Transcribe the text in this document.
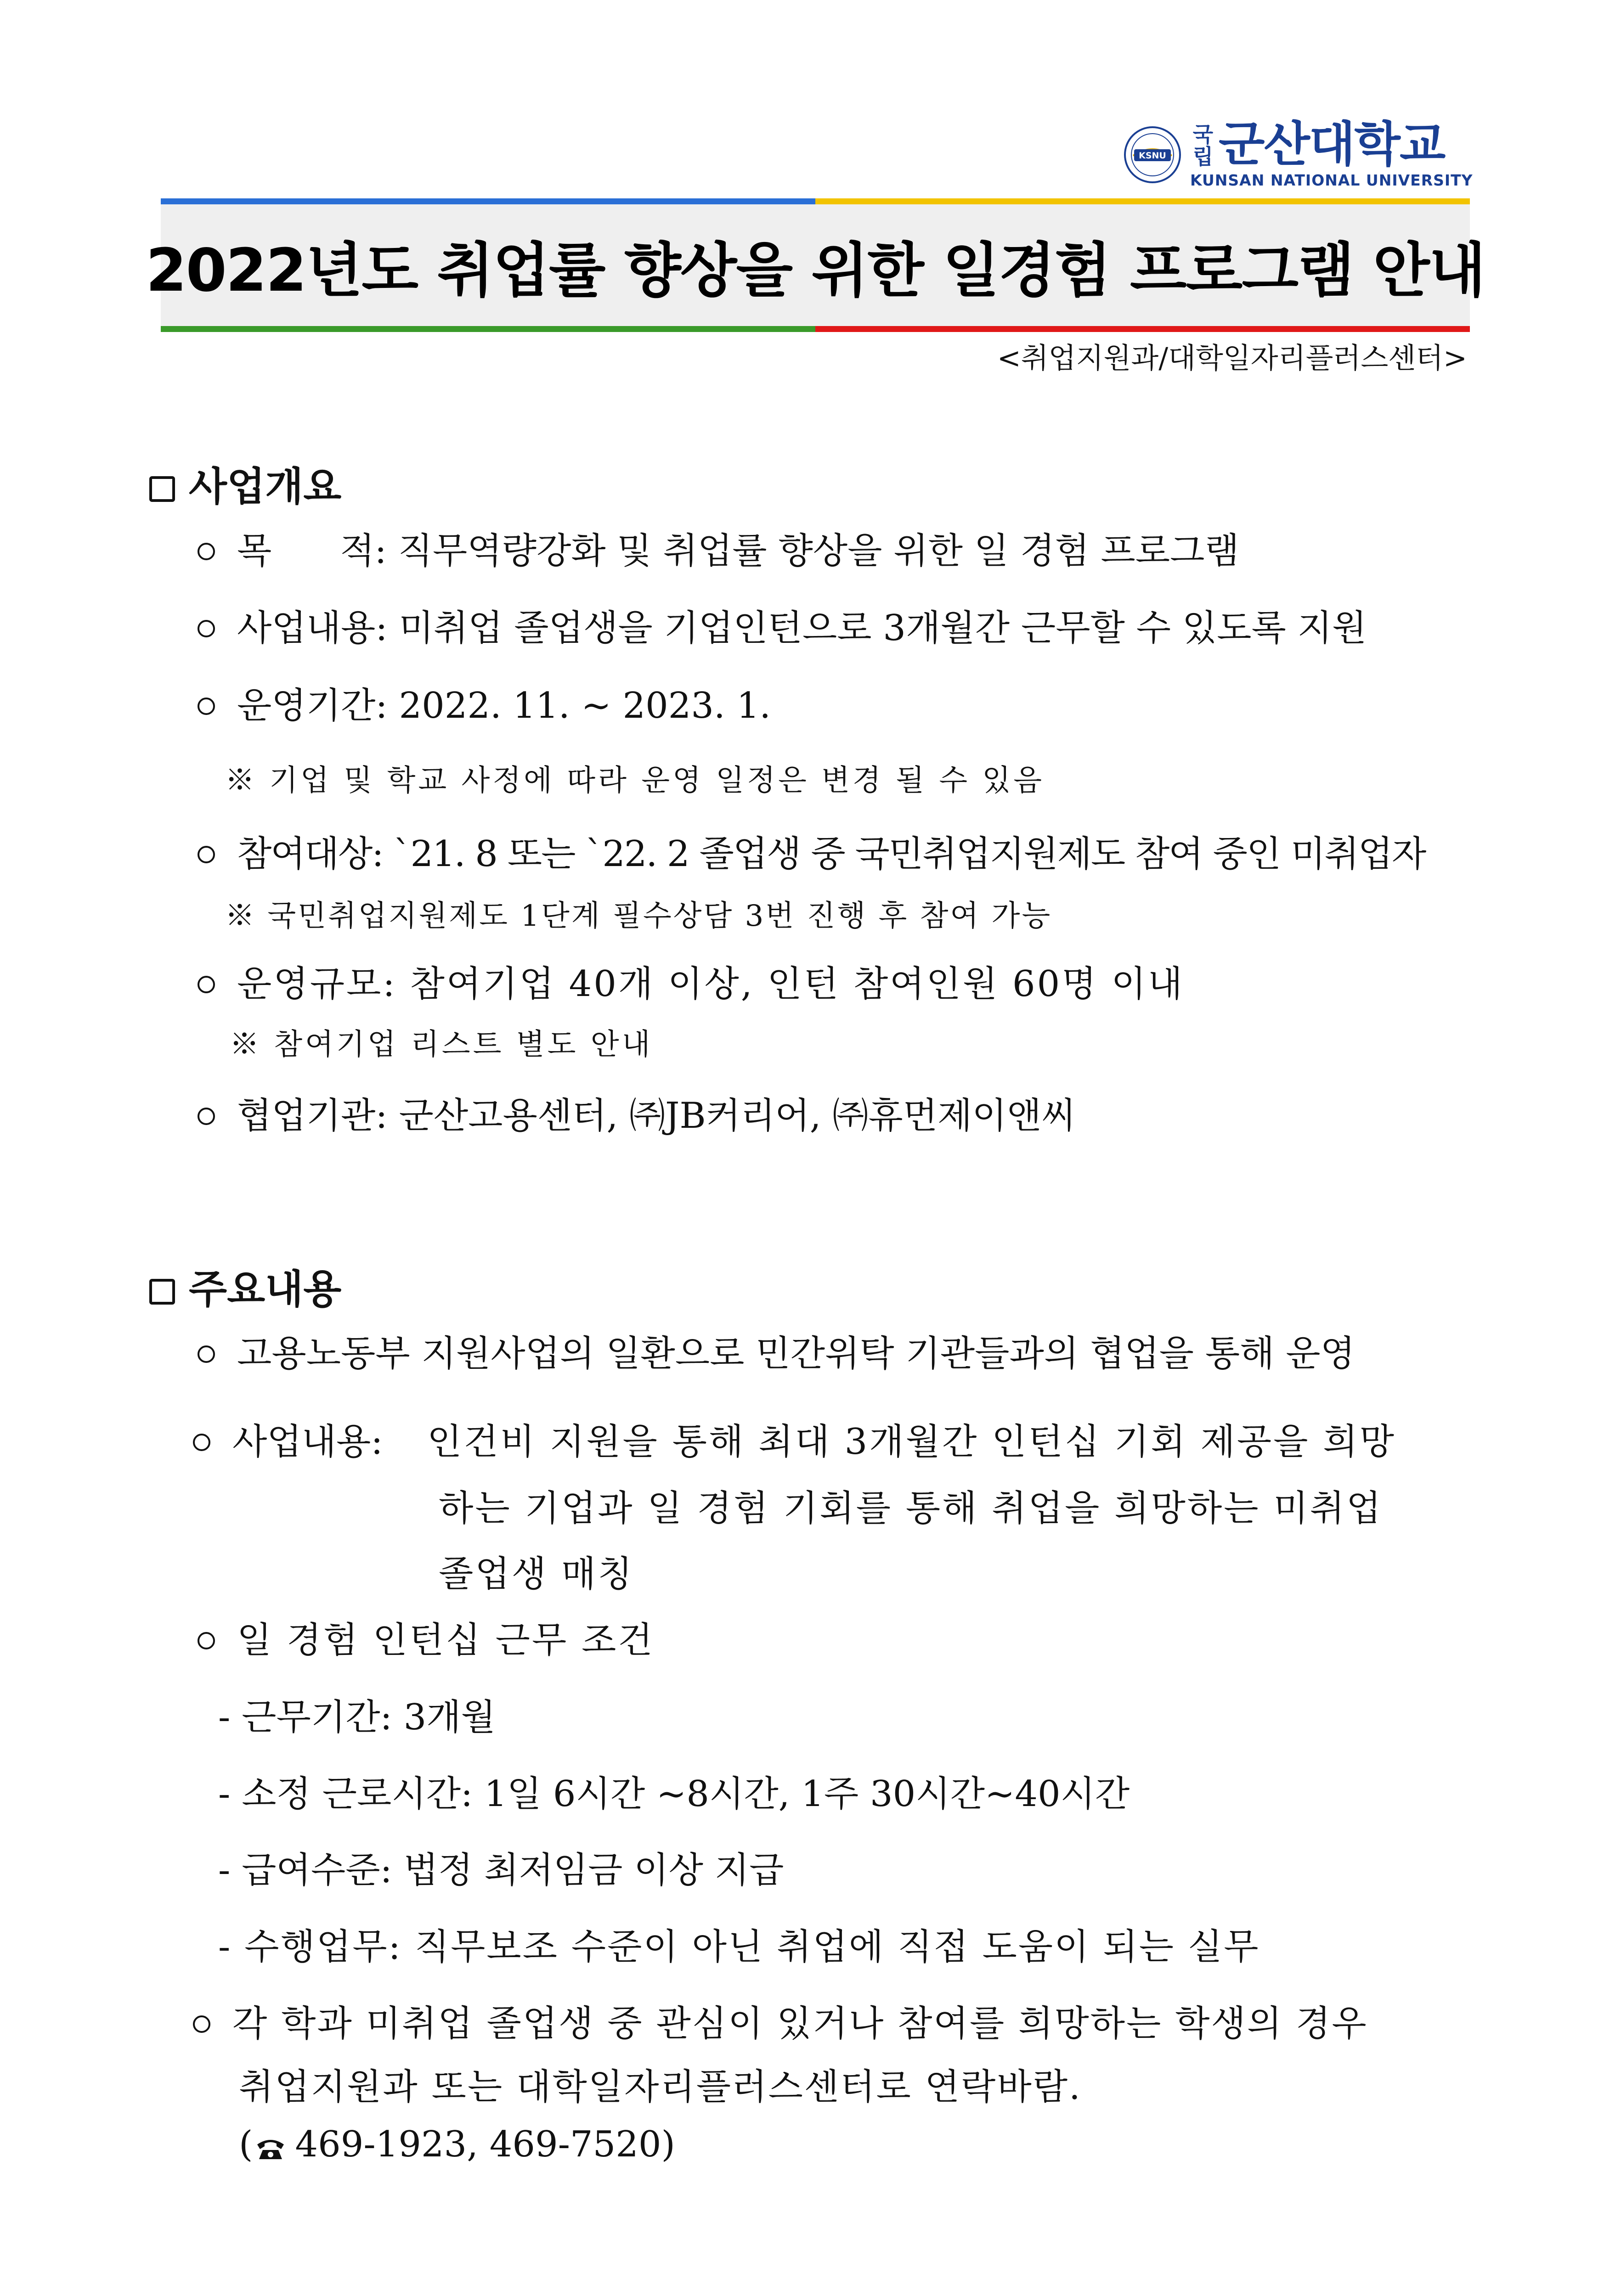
KSNU
국립 군산대학교
KUNSAN NATIONAL UNIVERSITY
2022년도 취업률 향상을 위한 일경험 프로그램 안내
<취업지원과/대학일자리플러스센터>
사업개요
목      적: 직무역량강화 및 취업률 향상을 위한 일 경험 프로그램
사업내용: 미취업 졸업생을 기업인턴으로 3개월간 근무할 수 있도록 지원
운영기간: 2022. 11. ~ 2023. 1.
※ 기업 및 학교 사정에 따라 운영 일정은 변경 될 수 있음
참여대상: `21. 8 또는 `22. 2 졸업생 중 국민취업지원제도 참여 중인 미취업자
※ 국민취업지원제도 1단계 필수상담 3번 진행 후 참여 가능
운영규모: 참여기업 40개 이상, 인턴 참여인원 60명 이내
※ 참여기업 리스트 별도 안내
협업기관: 군산고용센터, ㈜JB커리어, ㈜휴먼제이앤씨
주요내용
고용노동부 지원사업의 일환으로 민간위탁 기관들과의 협업을 통해 운영
사업내용: 인건비 지원을 통해 최대 3개월간 인턴십 기회 제공을 희망
하는 기업과 일 경험 기회를 통해 취업을 희망하는 미취업
졸업생 매칭
일 경험 인턴십 근무 조건
- 근무기간: 3개월
- 소정 근로시간: 1일 6시간 ~8시간, 1주 30시간~40시간
- 급여수준: 법정 최저임금 이상 지급
- 수행업무: 직무보조 수준이 아닌 취업에 직접 도움이 되는 실무
각 학과 미취업 졸업생 중 관심이 있거나 참여를 희망하는 학생의 경우
취업지원과 또는 대학일자리플러스센터로 연락바람.
( 469-1923, 469-7520)
